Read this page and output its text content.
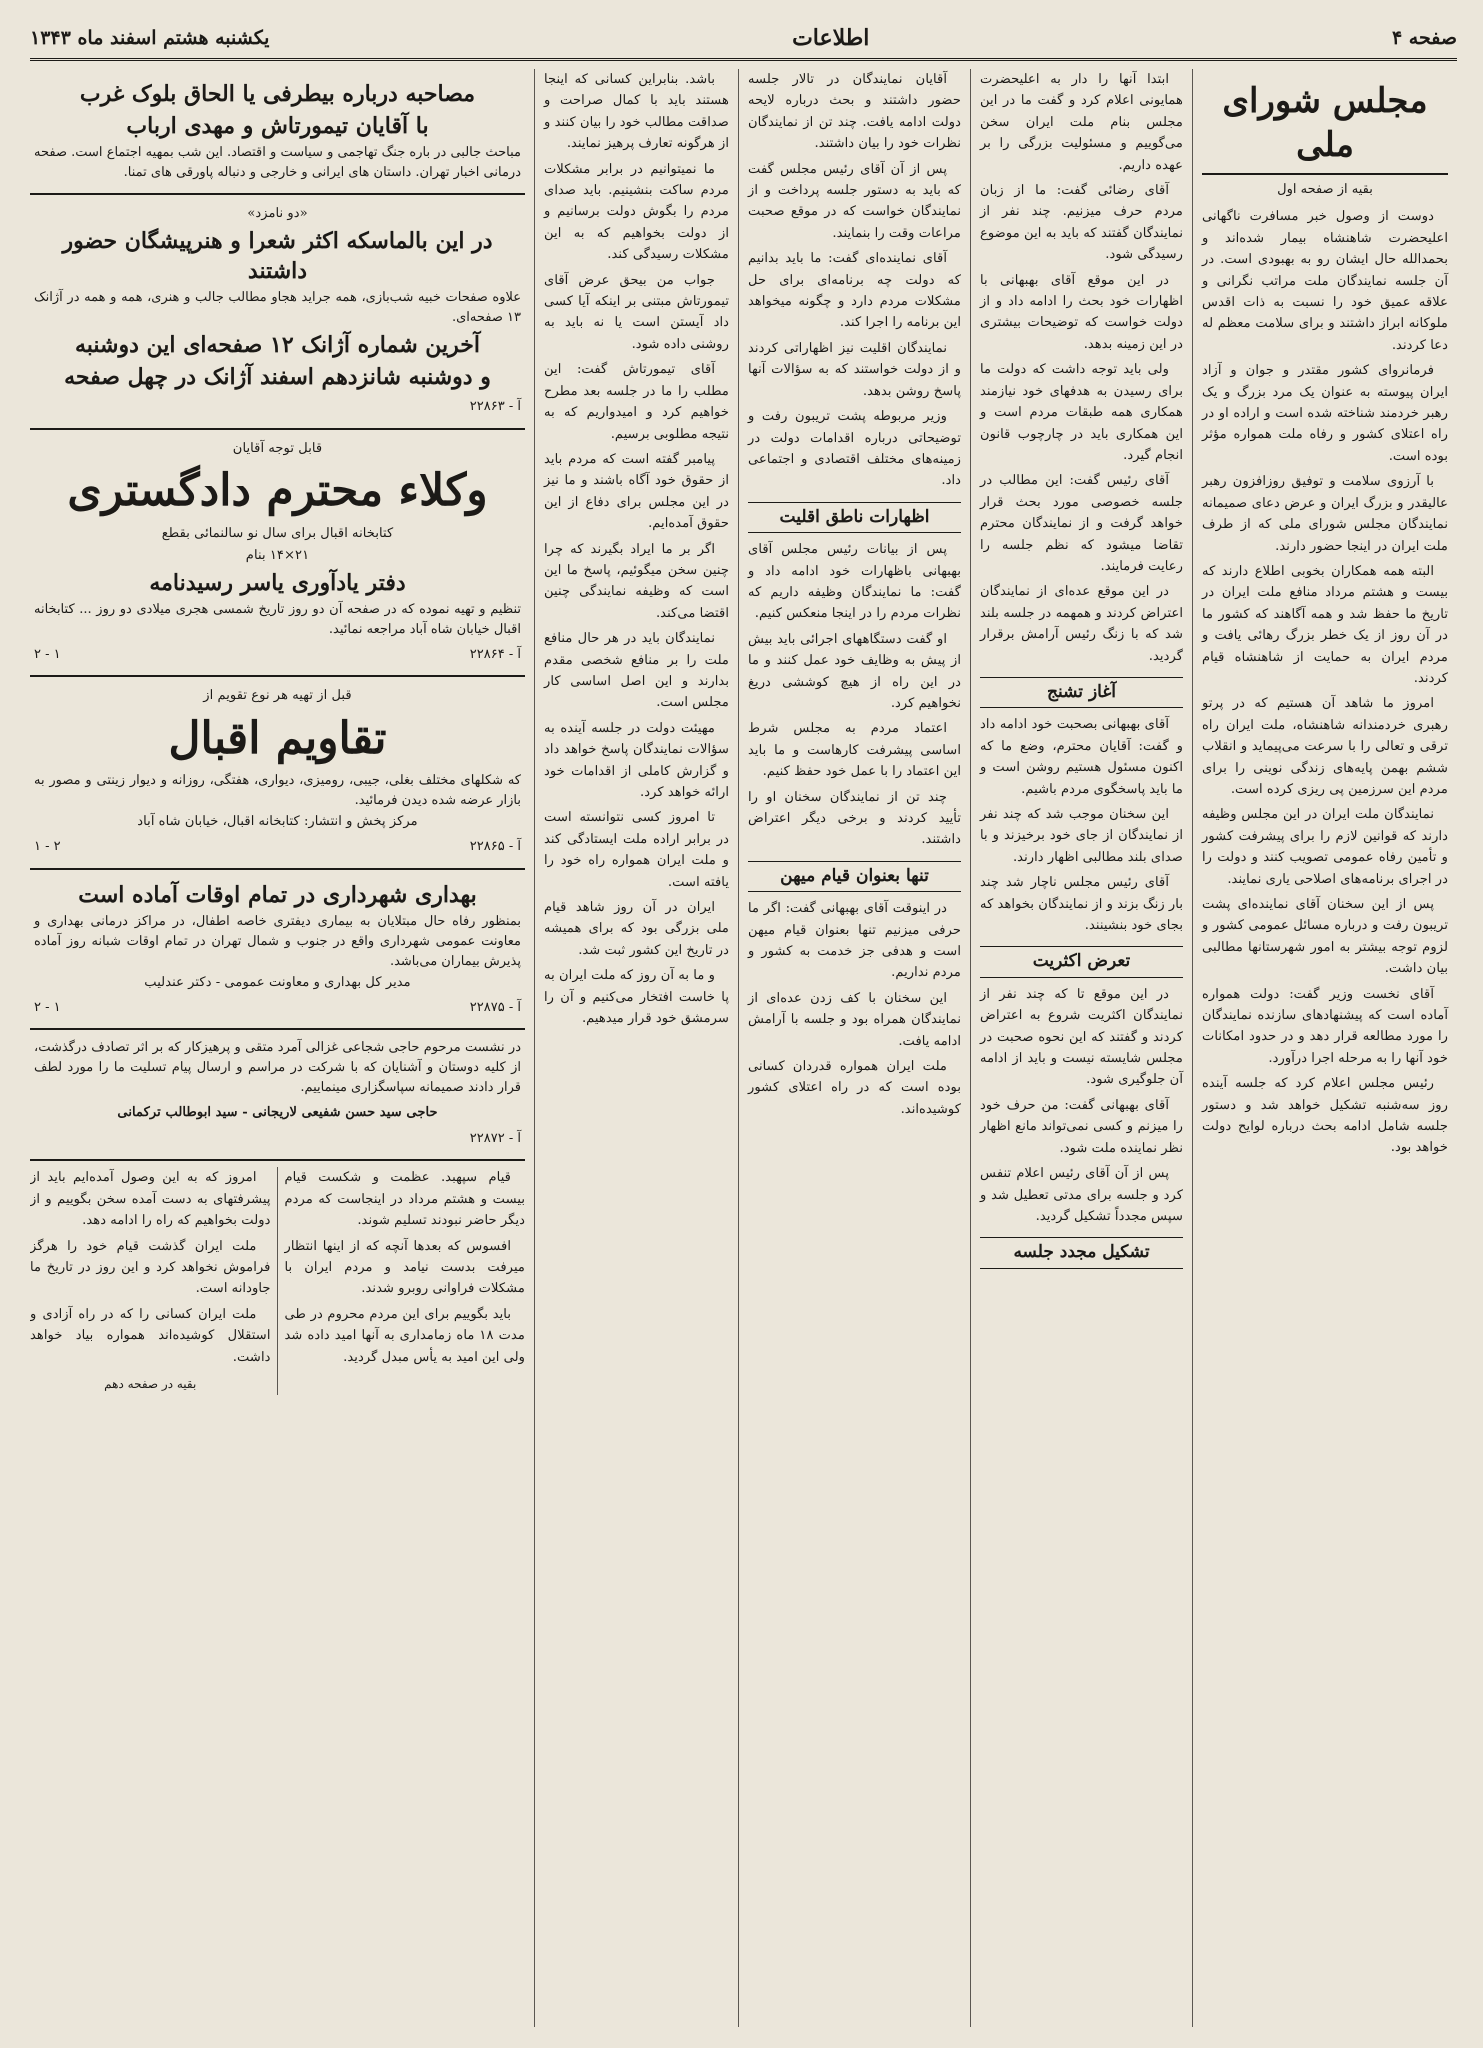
صفحه ۴
اطلاعات
یکشنبه هشتم اسفند ماه ۱۳۴۳
مجلس شورای ملی
بقیه از صفحه اول

دوست از وصول خبر مسافرت ناگهانی اعلیحضرت شاهنشاه بیمار شده‌اند و بحمدالله حال ایشان رو به بهبودی است. در آن جلسه نمایندگان ملت مراتب نگرانی و علاقه عمیق خود را نسبت به ذات اقدس ملوکانه ابراز داشتند و برای سلامت معظم له دعا کردند.

فرمانروای کشور مقتدر و جوان و آزاد ایران پیوسته به عنوان یک مرد بزرگ و یک رهبر خردمند شناخته شده است و اراده او در راه اعتلای کشور و رفاه ملت همواره مؤثر بوده است.

با آرزوی سلامت و توفیق روزافزون رهبر عالیقدر و بزرگ ایران و عرض دعای صمیمانه نمایندگان مجلس شورای ملی که از طرف ملت ایران در اینجا حضور دارند.

البته همه همکاران بخوبی اطلاع دارند که بیست و هشتم مرداد منافع ملت ایران در تاریخ ما حفظ شد و همه آگاهند که کشور ما در آن روز از یک خطر بزرگ رهائی یافت و مردم ایران به حمایت از شاهنشاه قیام کردند.

امروز ما شاهد آن هستیم که در پرتو رهبری خردمندانه شاهنشاه، ملت ایران راه ترقی و تعالی را با سرعت می‌پیماید و انقلاب ششم بهمن پایه‌های زندگی نوینی را برای مردم این سرزمین پی ریزی کرده است.

نمایندگان ملت ایران در این مجلس وظیفه دارند که قوانین لازم را برای پیشرفت کشور و تأمین رفاه عمومی تصویب کنند و دولت را در اجرای برنامه‌های اصلاحی یاری نمایند.

پس از این سخنان آقای نماینده‌ای پشت تریبون رفت و درباره مسائل عمومی کشور و لزوم توجه بیشتر به امور شهرستانها مطالبی بیان داشت.

آقای نخست وزیر گفت: دولت همواره آماده است که پیشنهادهای سازنده نمایندگان را مورد مطالعه قرار دهد و در حدود امکانات خود آنها را به مرحله اجرا درآورد.

رئیس مجلس اعلام کرد که جلسه آینده روز سه‌شنبه تشکیل خواهد شد و دستور جلسه شامل ادامه بحث درباره لوایح دولت خواهد بود.

ابتدا آنها را دار به اعلیحضرت همایونی اعلام کرد و گفت ما در این مجلس بنام ملت ایران سخن می‌گوییم و مسئولیت بزرگی را بر عهده داریم.

آقای رضائی گفت: ما از زبان مردم حرف میزنیم. چند نفر از نمایندگان گفتند که باید به این موضوع رسیدگی شود.

در این موقع آقای بهبهانی با اظهارات خود بحث را ادامه داد و از دولت خواست که توضیحات بیشتری در این زمینه بدهد.

ولی باید توجه داشت که دولت ما برای رسیدن به هدفهای خود نیازمند همکاری همه طبقات مردم است و این همکاری باید در چارچوب قانون انجام گیرد.

آقای رئیس گفت: این مطالب در جلسه خصوصی مورد بحث قرار خواهد گرفت و از نمایندگان محترم تقاضا میشود که نظم جلسه را رعایت فرمایند.

در این موقع عده‌ای از نمایندگان اعتراض کردند و همهمه در جلسه بلند شد که با زنگ رئیس آرامش برقرار گردید.

آغاز تشنج

آقای بهبهانی بصحبت خود ادامه داد و گفت: آقایان محترم، وضع ما که اکنون مسئول هستیم روشن است و ما باید پاسخگوی مردم باشیم.

این سخنان موجب شد که چند نفر از نمایندگان از جای خود برخیزند و با صدای بلند مطالبی اظهار دارند.

آقای رئیس مجلس ناچار شد چند بار زنگ بزند و از نمایندگان بخواهد که بجای خود بنشینند.

تعرض اکثریت

در این موقع تا که چند نفر از نمایندگان اکثریت شروع به اعتراض کردند و گفتند که این نحوه صحبت در مجلس شایسته نیست و باید از ادامه آن جلوگیری شود.

آقای بهبهانی گفت: من حرف خود را میزنم و کسی نمی‌تواند مانع اظهار نظر نماینده ملت شود.

پس از آن آقای رئیس اعلام تنفس کرد و جلسه برای مدتی تعطیل شد و سپس مجدداً تشکیل گردید.

تشکیل مجدد جلسه

آقایان نمایندگان در تالار جلسه حضور داشتند و بحث درباره لایحه دولت ادامه یافت. چند تن از نمایندگان نظرات خود را بیان داشتند.

پس از آن آقای رئیس مجلس گفت که باید به دستور جلسه پرداخت و از نمایندگان خواست که در موقع صحبت مراعات وقت را بنمایند.

آقای نماینده‌ای گفت: ما باید بدانیم که دولت چه برنامه‌ای برای حل مشکلات مردم دارد و چگونه میخواهد این برنامه را اجرا کند.

نمایندگان اقلیت نیز اظهاراتی کردند و از دولت خواستند که به سؤالات آنها پاسخ روشن بدهد.

وزیر مربوطه پشت تریبون رفت و توضیحاتی درباره اقدامات دولت در زمینه‌های مختلف اقتصادی و اجتماعی داد.

اظهارات ناطق اقلیت

پس از بیانات رئیس مجلس آقای بهبهانی باظهارات خود ادامه داد و گفت: ما نمایندگان وظیفه داریم که نظرات مردم را در اینجا منعکس کنیم.

او گفت دستگاههای اجرائی باید بیش از پیش به وظایف خود عمل کنند و ما در این راه از هیچ کوششی دریغ نخواهیم کرد.

اعتماد مردم به مجلس شرط اساسی پیشرفت کارهاست و ما باید این اعتماد را با عمل خود حفظ کنیم.

چند تن از نمایندگان سخنان او را تأیید کردند و برخی دیگر اعتراض داشتند.

تنها بعنوان قیام میهن

در اینوقت آقای بهبهانی گفت: اگر ما حرفی میزنیم تنها بعنوان قیام میهن است و هدفی جز خدمت به کشور و مردم نداریم.

این سخنان با کف زدن عده‌ای از نمایندگان همراه بود و جلسه با آرامش ادامه یافت.

ملت ایران همواره قدردان کسانی بوده است که در راه اعتلای کشور کوشیده‌اند.

باشد. بنابراین کسانی که اینجا هستند باید با کمال صراحت و صداقت مطالب خود را بیان کنند و از هرگونه تعارف پرهیز نمایند.

ما نمیتوانیم در برابر مشکلات مردم ساکت بنشینیم. باید صدای مردم را بگوش دولت برسانیم و از دولت بخواهیم که به این مشکلات رسیدگی کند.

جواب من بیحق عرض آقای تیمورتاش مبتنی بر اینکه آیا کسی داد آیستن است یا نه باید به روشنی داده شود.

آقای تیمورتاش گفت: این مطلب را ما در جلسه بعد مطرح خواهیم کرد و امیدواریم که به نتیجه مطلوبی برسیم.

پیامبر گفته است که مردم باید از حقوق خود آگاه باشند و ما نیز در این مجلس برای دفاع از این حقوق آمده‌ایم.

اگر بر ما ایراد بگیرند که چرا چنین سخن میگوئیم، پاسخ ما این است که وظیفه نمایندگی چنین اقتضا می‌کند.

نمایندگان باید در هر حال منافع ملت را بر منافع شخصی مقدم بدارند و این اصل اساسی کار مجلس است.

مهیئت دولت در جلسه آینده به سؤالات نمایندگان پاسخ خواهد داد و گزارش کاملی از اقدامات خود ارائه خواهد کرد.

تا امروز کسی نتوانسته است در برابر اراده ملت ایستادگی کند و ملت ایران همواره راه خود را یافته است.

ایران در آن روز شاهد قیام ملی بزرگی بود که برای همیشه در تاریخ این کشور ثبت شد.

و ما به آن روز که ملت ایران به پا خاست افتخار می‌کنیم و آن را سرمشق خود قرار میدهیم.

مصاحبه درباره بیطرفی یا الحاق بلوک غرب
با آقایان تیمورتاش و مهدی ارباب
مباحث جالبی در باره جنگ تهاجمی و سیاست و اقتصاد. این شب بمهیه اجتماع است. صفحه درمانی اخبار تهران. داستان های ایرانی و خارجی و دنباله پاورقی های تمنا.
«دو نامزد»
در این بالماسکه اکثر شعرا و هنرپیشگان حضور داشتند
علاوه صفحات خبیه شب‌بازی، همه جراید هجاو مطالب جالب و هنری، همه و همه در آژانک ۱۳ صفحه‌ای.
آخرین شماره آژانک ۱۲ صفحه‌ای این دوشنبه
و دوشنبه شانزدهم اسفند آژانک در چهل صفحه
آ - ۲۲۸۶۳
قابل توجه آقایان
وکلاء محترم دادگستری
کتابخانه اقبال برای سال نو سالنمائی بقطع
۲۱×۱۴ بنام
دفتر یادآوری یاسر رسیدنامه
تنظیم و تهیه نموده که در صفحه آن دو روز تاریخ شمسی هجری میلادی دو روز ... کتابخانه اقبال خیابان شاه آباد مراجعه نمائید.
آ - ۲۲۸۶۴
۱ - ۲
قبل از تهیه هر نوع تقویم از
تقاویم اقبال
که شکلهای مختلف بغلی، جیبی، رومیزی، دیواری، هفتگی، روزانه و دیوار زینتی و مصور به بازار عرضه شده دیدن فرمائید.
مرکز پخش و انتشار: کتابخانه اقبال، خیابان شاه آباد
آ - ۲۲۸۶۵
۲ - ۱
بهداری شهرداری در تمام اوقات آماده است
بمنظور رفاه حال مبتلایان به بیماری دیفتری خاصه اطفال، در مراکز درمانی بهداری و معاونت عمومی شهرداری واقع در جنوب و شمال تهران در تمام اوقات شبانه روز آماده پذیرش بیماران می‌باشد.
مدیر کل بهداری و معاونت عمومی - دکتر عندلیب
آ - ۲۲۸۷۵
۱ - ۲
در نشست مرحوم حاجی شجاعی غزالی آمرد متقی و پرهیزکار که بر اثر تصادف درگذشت، از کلیه دوستان و آشنایان که با شرکت در مراسم و ارسال پیام تسلیت ما را مورد لطف قرار دادند صمیمانه سپاسگزاری مینماییم.
حاجی سید حسن شفیعی لاریجانی - سید ابوطالب ترکمانی
آ - ۲۲۸۷۲

قیام سپهبد. عظمت و شکست قیام بیست و هشتم مرداد در اینجاست که مردم دیگر حاضر نبودند تسلیم شوند.

افسوس که بعدها آنچه که از اینها انتظار میرفت بدست نیامد و مردم ایران با مشکلات فراوانی روبرو شدند.

باید بگوییم برای این مردم محروم در طی مدت ۱۸ ماه زمامداری به آنها امید داده شد ولی این امید به یأس مبدل گردید.

امروز که به این وصول آمده‌ایم باید از پیشرفتهای به دست آمده سخن بگوییم و از دولت بخواهیم که راه را ادامه دهد.

ملت ایران گذشت قیام خود را هرگز فراموش نخواهد کرد و این روز در تاریخ ما جاودانه است.

ملت ایران کسانی را که در راه آزادی و استقلال کوشیده‌اند همواره بیاد خواهد داشت.

بقیه در صفحه دهم
